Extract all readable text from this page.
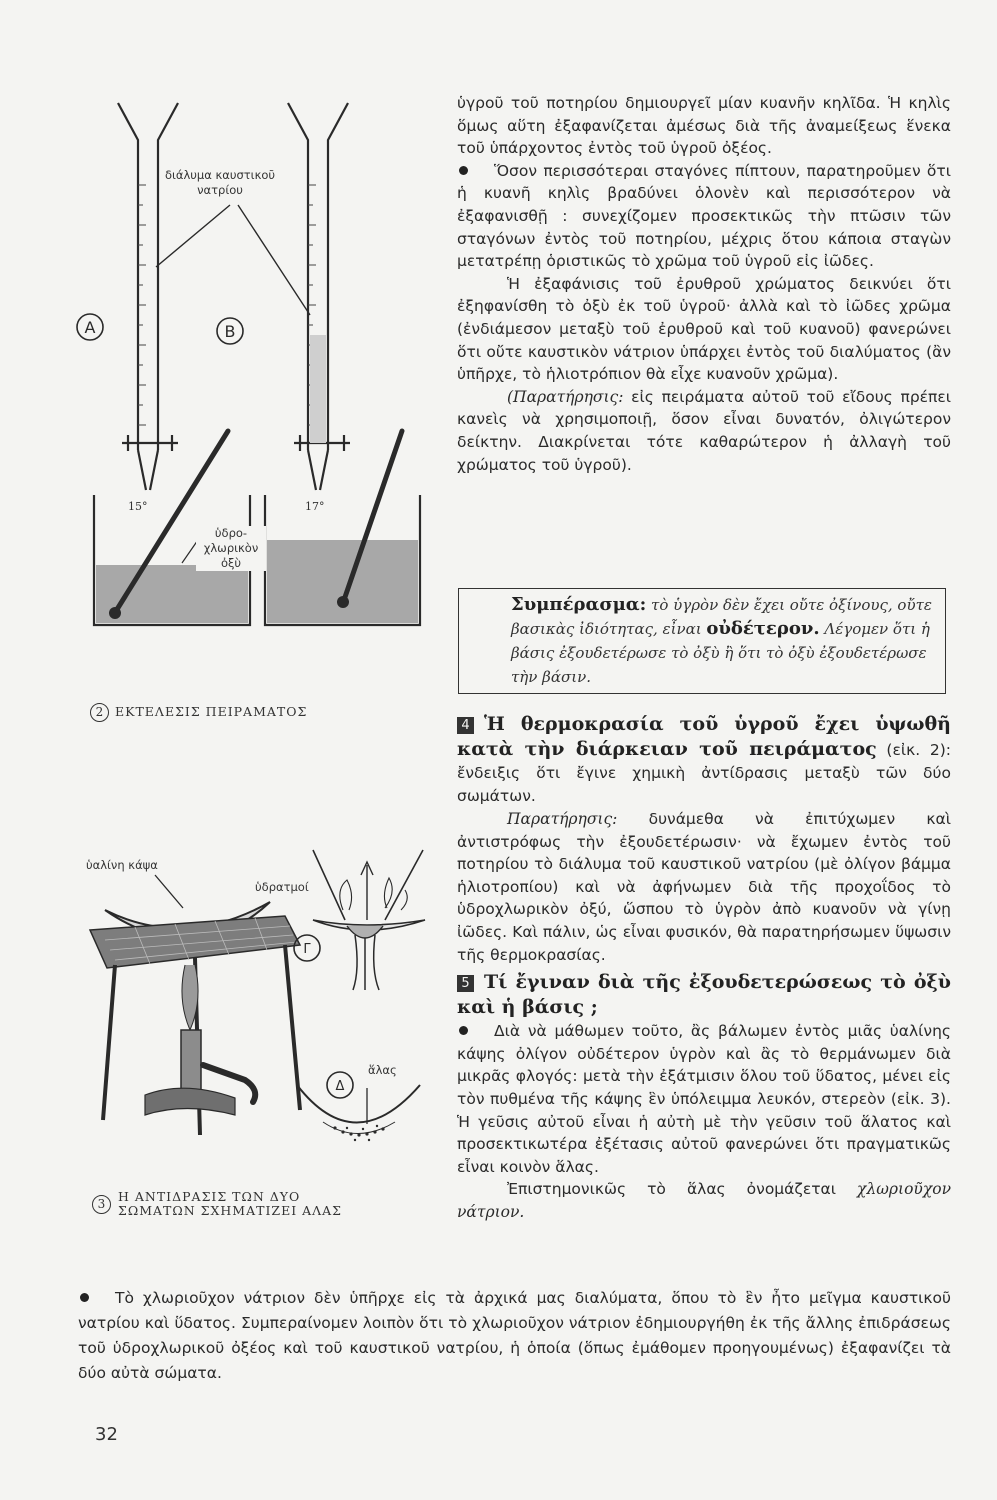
A	B
διάλυμα καυστικοῦ
νατρίου
15°	17°
ὑδρο-
χλωρικὸν
ὀξὺ
2 ΕΚΤΕΛΕΣΙΣ ΠΕΙΡΑΜΑΤΟΣ
Γ
Δ
ὑαλίνη κάψα
ὑδρατμοί
ἅλας
3	Η ΑΝΤΙΔΡΑΣΙΣ ΤΩΝ ΔΥΟ
ΣΩΜΑΤΩΝ ΣΧΗΜΑΤΙΖΕΙ ΑΛΑΣ

ὑγροῦ τοῦ ποτηρίου δημιουργεῖ μίαν κυανῆν κηλῖδα. Ἡ κηλὶς ὅμως αὕτη ἐξαφανίζεται ἀμέσως διὰ τῆς ἀναμείξεως ἕνεκα τοῦ ὑπάρχοντος ἐντὸς τοῦ ὑγροῦ ὀξέος.

Ὅσον περισσότεραι σταγόνες πίπτουν, παρατηροῦμεν ὅτι ἡ κυανῆ κηλὶς βραδύνει ὁλονὲν καὶ περισσότερον νὰ ἐξαφανισθῇ : συνεχίζομεν προσεκτικῶς τὴν πτῶσιν τῶν σταγόνων ἐντὸς τοῦ ποτηρίου, μέχρις ὅτου κάποια σταγὼν μετατρέπῃ ὁριστικῶς τὸ χρῶμα τοῦ ὑγροῦ εἰς ἰῶδες.

Ἡ ἐξαφάνισις τοῦ ἐρυθροῦ χρώματος δεικνύει ὅτι ἐξηφανίσθη τὸ ὀξὺ ἐκ τοῦ ὑγροῦ· ἀλλὰ καὶ τὸ ἰῶδες χρῶμα (ἐνδιάμεσον μεταξὺ τοῦ ἐρυθροῦ καὶ τοῦ κυανοῦ) φανερώνει ὅτι οὔτε καυστικὸν νάτριον ὑπάρχει ἐντὸς τοῦ διαλύματος (ἂν ὑπῆρχε, τὸ ἡλιοτρόπιον θὰ εἶχε κυανοῦν χρῶμα).

(Παρατήρησις: εἰς πειράματα αὐτοῦ τοῦ εἴδους πρέπει κανεὶς νὰ χρησιμοποιῇ, ὅσον εἶναι δυνατόν, ὀλιγώτερον δείκτην. Διακρίνεται τότε καθαρώτερον ἡ ἀλλαγὴ τοῦ χρώματος τοῦ ὑγροῦ).

Συμπέρασμα: τὸ ὑγρὸν δὲν ἔχει οὔτε ὀξίνους, οὔτε βασικὰς ἰδιότητας, εἶναι οὐδέτερον. Λέγομεν ὅτι ἡ βάσις ἐξουδετέρωσε τὸ ὀξὺ ἢ ὅτι τὸ ὀξὺ ἐξουδετέρωσε τὴν βάσιν.

4 Ἡ θερμοκρασία τοῦ ὑγροῦ ἔχει ὑψωθῆ κατὰ τὴν διάρκειαν τοῦ πειράματος (εἰκ. 2): ἔνδειξις ὅτι ἔγινε χημικὴ ἀντίδρασις μεταξὺ τῶν δύο σωμάτων.

Παρατήρησις: δυνάμεθα νὰ ἐπιτύχωμεν καὶ ἀντιστρόφως τὴν ἐξουδετέρωσιν· νὰ ἔχωμεν ἐντὸς τοῦ ποτηρίου τὸ διάλυμα τοῦ καυστικοῦ νατρίου (μὲ ὀλίγον βάμμα ἡλιοτροπίου) καὶ νὰ ἀφήνωμεν διὰ τῆς προχοΐδος τὸ ὑδροχλωρικὸν ὀξύ, ὥσπου τὸ ὑγρὸν ἀπὸ κυανοῦν νὰ γίνῃ ἰῶδες. Καὶ πάλιν, ὡς εἶναι φυσικόν, θὰ παρατηρήσωμεν ὕψωσιν τῆς θερμοκρασίας.

5 Τί ἔγιναν διὰ τῆς ἐξουδετερώσεως τὸ ὀξὺ καὶ ἡ βάσις ;

Διὰ νὰ μάθωμεν τοῦτο, ἂς βάλωμεν ἐντὸς μιᾶς ὑαλίνης κάψης ὀλίγον οὐδέτερον ὑγρὸν καὶ ἂς τὸ θερμάνωμεν διὰ μικρᾶς φλογός: μετὰ τὴν ἐξάτμισιν ὅλου τοῦ ὕδατος, μένει εἰς τὸν πυθμένα τῆς κάψης ἓν ὑπόλειμμα λευκόν, στερεὸν (εἰκ. 3). Ἡ γεῦσις αὐτοῦ εἶναι ἡ αὐτὴ μὲ τὴν γεῦσιν τοῦ ἅλατος καὶ προσεκτικωτέρα ἐξέτασις αὐτοῦ φανερώνει ὅτι πραγματικῶς εἶναι κοινὸν ἅλας.

Ἐπιστημονικῶς τὸ ἅλας ὀνομάζεται χλωριοῦχον νάτριον.

Τὸ χλωριοῦχον νάτριον δὲν ὑπῆρχε εἰς τὰ ἀρχικά μας διαλύματα, ὅπου τὸ ἓν ἦτο μεῖγμα καυστικοῦ νατρίου καὶ ὕδατος. Συμπεραίνομεν λοιπὸν ὅτι τὸ χλωριοῦχον νάτριον ἐδημιουργήθη ἐκ τῆς ἄλλης ἐπιδράσεως τοῦ ὑδροχλωρικοῦ ὀξέος καὶ τοῦ καυστικοῦ νατρίου, ἡ ὁποία (ὅπως ἐμάθομεν προηγουμένως) ἐξαφανίζει τὰ δύο αὐτὰ σώματα.

32
